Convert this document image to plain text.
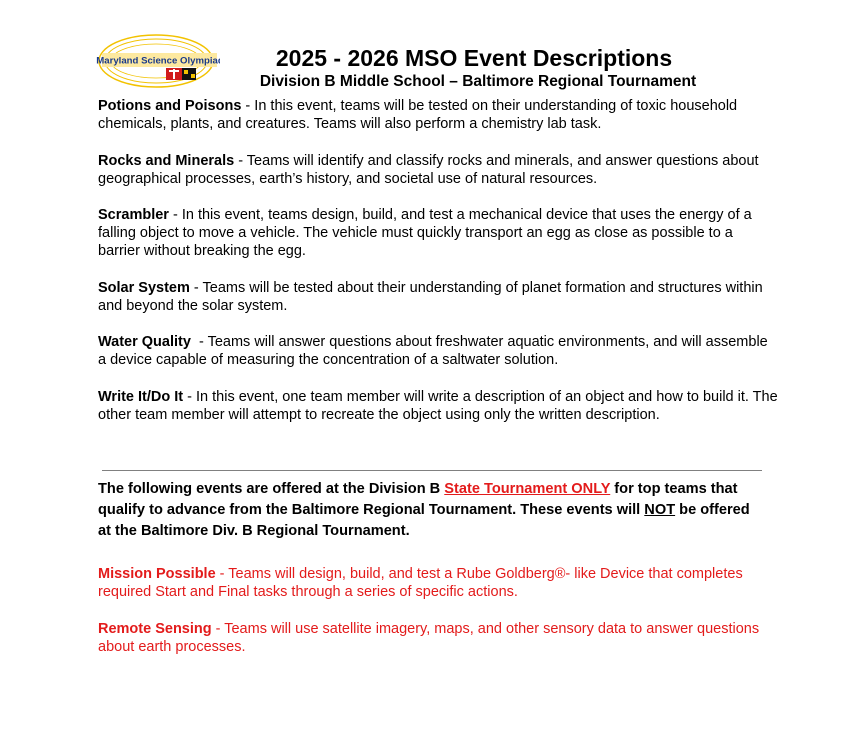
Maryland Science Olympiad	2025 - 2026 MSO Event Descriptions
Division B Middle School – Baltimore Regional Tournament

Potions and Poisons - In this event, teams will be tested on their understanding of toxic household chemicals, plants, and creatures. Teams will also perform a chemistry lab task.

Rocks and Minerals - Teams will identify and classify rocks and minerals, and answer questions about geographical processes, earth’s history, and societal use of natural resources.

Scrambler - In this event, teams design, build, and test a mechanical device that uses the energy of a falling object to move a vehicle. The vehicle must quickly transport an egg as close as possible to a barrier without breaking the egg.

Solar System - Teams will be tested about their understanding of planet formation and structures within and beyond the solar system.

Water Quality  - Teams will answer questions about freshwater aquatic environments, and will assemble a device capable of measuring the concentration of a saltwater solution.

Write It/Do It - In this event, one team member will write a description of an object and how to build it. The other team member will attempt to recreate the object using only the written description.

The following events are offered at the Division B State Tournament ONLY for top teams that qualify to advance from the Baltimore Regional Tournament. These events will NOT be offered at the Baltimore Div. B Regional Tournament.

Mission Possible - Teams will design, build, and test a Rube Goldberg®- like Device that completes required Start and Final tasks through a series of specific actions.

Remote Sensing - Teams will use satellite imagery, maps, and other sensory data to answer questions about earth processes.
